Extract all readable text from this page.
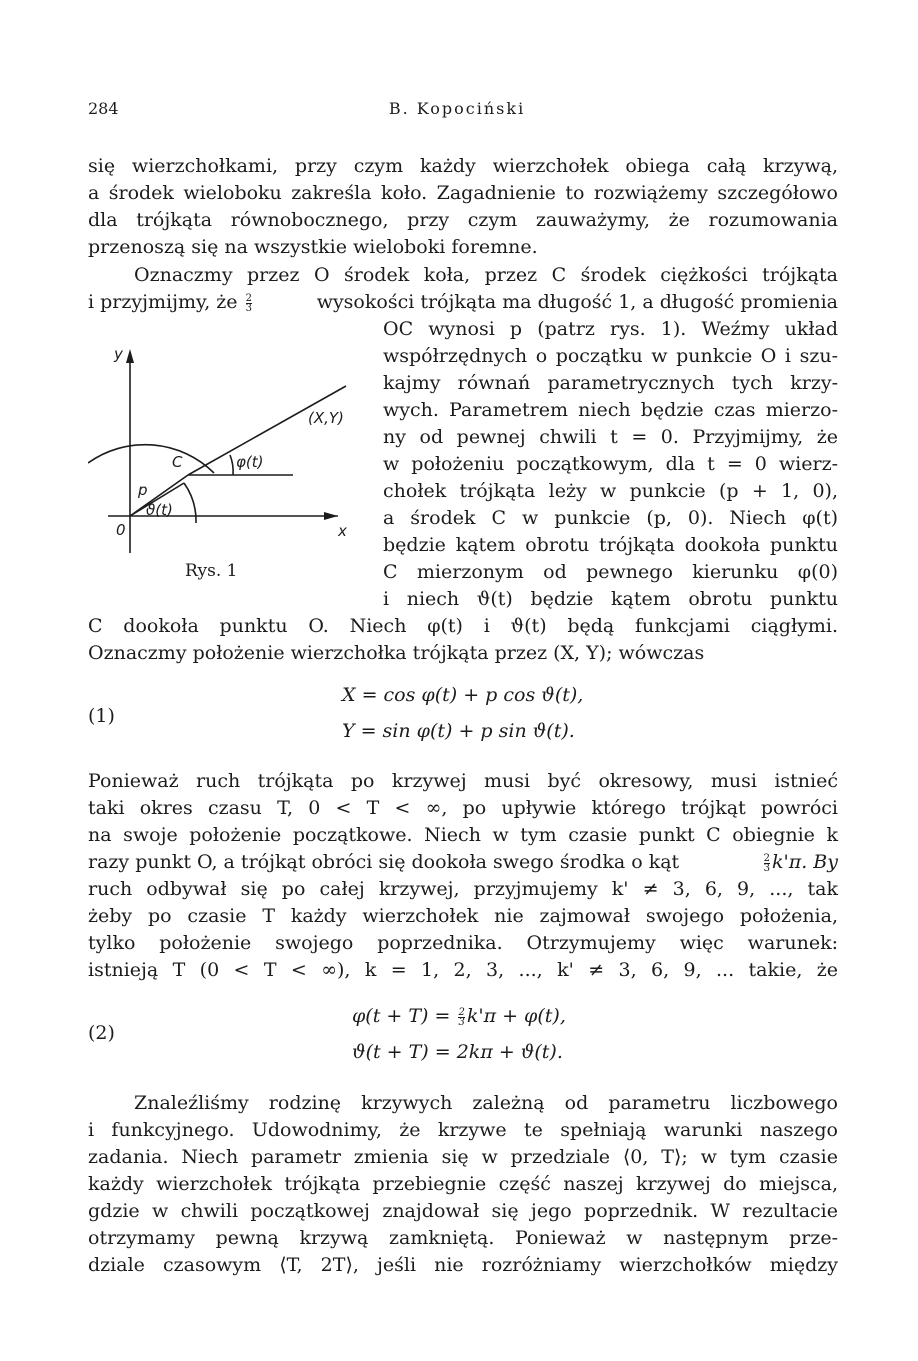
284	B. Kopociński
się wierzchołkami, przy czym każdy wierzchołek obiega całą krzywą,
a środek wieloboku zakreśla koło. Zagadnienie to rozwiążemy szczegółowo
dla trójkąta równobocznego, przy czym zauważymy, że rozumowania
przenoszą się na wszystkie wieloboki foremne.
Oznaczmy przez O środek koła, przez C środek ciężkości trójkąta
i przyjmijmy, że $\frac{2}{3}$	wysokości trójkąta ma długość 1, a długość promienia
OC wynosi p (patrz rys. 1). Weźmy układ
współrzędnych o początku w punkcie O i szu-
kajmy równań parametrycznych tych krzy-
wych. Parametrem niech będzie czas mierzo-
ny od pewnej chwili t = 0. Przyjmijmy, że
w położeniu początkowym, dla t = 0 wierz-
chołek trójkąta leży w punkcie (p + 1, 0),
a środek C w punkcie (p, 0). Niech φ(t)
będzie kątem obrotu trójkąta dookoła punktu
C mierzonym od pewnego kierunku φ(0)
i niech ϑ(t) będzie kątem obrotu punktu
C dookoła punktu O. Niech φ(t) i ϑ(t) będą funkcjami ciągłymi.
Oznaczmy położenie wierzchołka trójkąta przez (X, Y); wówczas
y
x
0
C
p
(X,Y)
φ(t)
ϑ(t)
Rys. 1
(1)
X = cos φ(t) + p cos ϑ(t),
Y = sin φ(t) + p sin ϑ(t).
Ponieważ ruch trójkąta po krzywej musi być okresowy, musi istnieć
taki okres czasu T, 0 < T < ∞, po upływie którego trójkąt powróci
na swoje położenie początkowe. Niech w tym czasie punkt C obiegnie k
razy punkt O, a trójkąt obróci się dookoła swego środka o kąt	$\frac{2}{3} k'\pi$. By
ruch odbywał się po całej krzywej, przyjmujemy k' ≠ 3, 6, 9, ..., tak
żeby po czasie T każdy wierzchołek nie zajmował swojego położenia,
tylko położenie swojego poprzednika. Otrzymujemy więc warunek:
istnieją T (0 < T < ∞), k = 1, 2, 3, ..., k' ≠ 3, 6, 9, ... takie, że
(2)
$\varphi(t + T) = \frac{2}{3} k'\pi + \varphi(t)$,
ϑ(t + T) = 2kπ + ϑ(t).
Znaleźliśmy rodzinę krzywych zależną od parametru liczbowego
i funkcyjnego. Udowodnimy, że krzywe te spełniają warunki naszego
zadania. Niech parametr zmienia się w przedziale ⟨0, T⟩; w tym czasie
każdy wierzchołek trójkąta przebiegnie część naszej krzywej do miejsca,
gdzie w chwili początkowej znajdował się jego poprzednik. W rezultacie
otrzymamy pewną krzywą zamkniętą. Ponieważ w następnym prze-
dziale czasowym ⟨T, 2T⟩, jeśli nie rozróżniamy wierzchołków między
